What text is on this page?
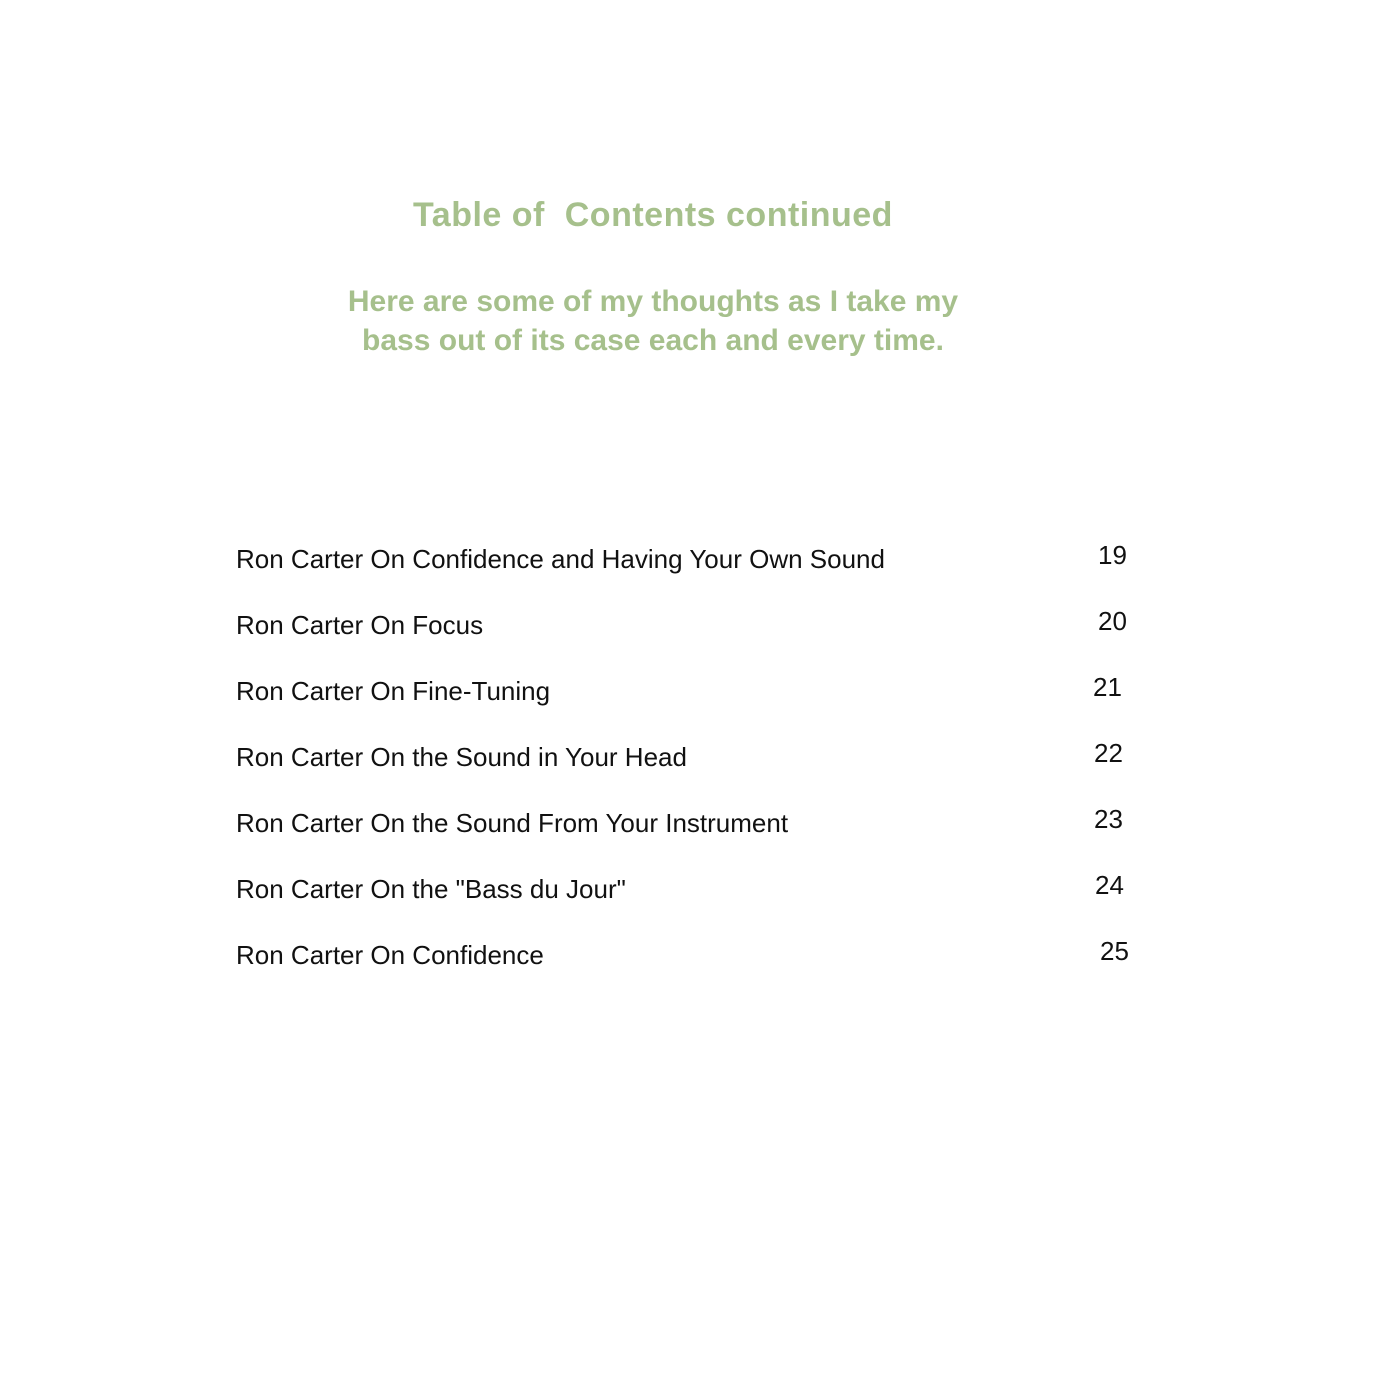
Table of  Contents continued
Here are some of my thoughts as I take my
bass out of its case each and every time.
Ron Carter On Confidence and Having Your Own Sound	19
Ron Carter On Focus	20
Ron Carter On Fine-Tuning	21
Ron Carter On the Sound in Your Head	22
Ron Carter On the Sound From Your Instrument	23
Ron Carter On the "Bass du Jour"	24
Ron Carter On Confidence	25
